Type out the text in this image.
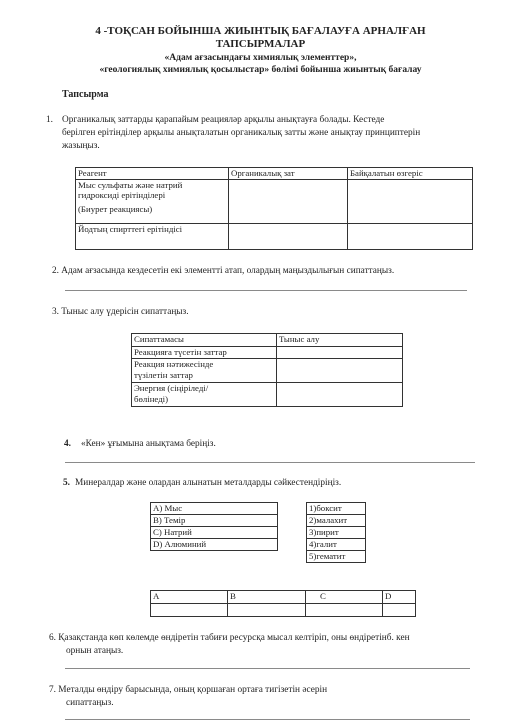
4 -ТОҚСАН БОЙЫНША ЖИЫНТЫҚ БАҒАЛАУҒА АРНАЛҒАН
ТАПСЫРМАЛАР
«Адам ағзасындағы химиялық элементтер»,
«геологиялық химиялық қосылыстар» бөлімі бойынша жиынтық бағалау
Тапсырма
1. Органикалық заттарды қарапайым реацияләр арқылы анықтауға болады. Кестеде
берілген ерітінділер арқылы анықталатын органикалық затты және анықтау принциптерін
жазыңыз.
Реагент	Органикалық зат	Байқалатын өзгеріс

Мыс сульфаты және натрий
гидроксиді ерітінділері
(Биурет реакциясы)		

Йодтың спирттегі ерітіндісі		
2. Адам ағзасында кездесетін екі элементті атап, олардың маңыздылығын сипаттаңыз.
3. Тыныс алу үдерісін сипаттаңыз.
Сипаттамасы	Тыныс алу
Реакцияға түсетін заттар	

Реакция нәтижесінде
түзілетін заттар	

Энергия (сіңіріледі/
бөлінеді)	

4. «Кен» ұғымына анықтама беріңіз.
5. Минералдар және олардан алынатын металдарды сәйкестендіріңіз.
A) Мыс
B) Темір
C) Натрий
D) Алюминий
1)боксит
2)малахит
3)пирит
4)галит
5)гематит
A	B	C	D

6. Қазақстанда көп көлемде өндіретін табиғи ресурсқа мысал келтіріп, оны өндіретінб. кен
орнын атаңыз.
7. Металды өндіру барысында, оның қоршаған ортаға тигізетін әсерін
сипаттаңыз.
